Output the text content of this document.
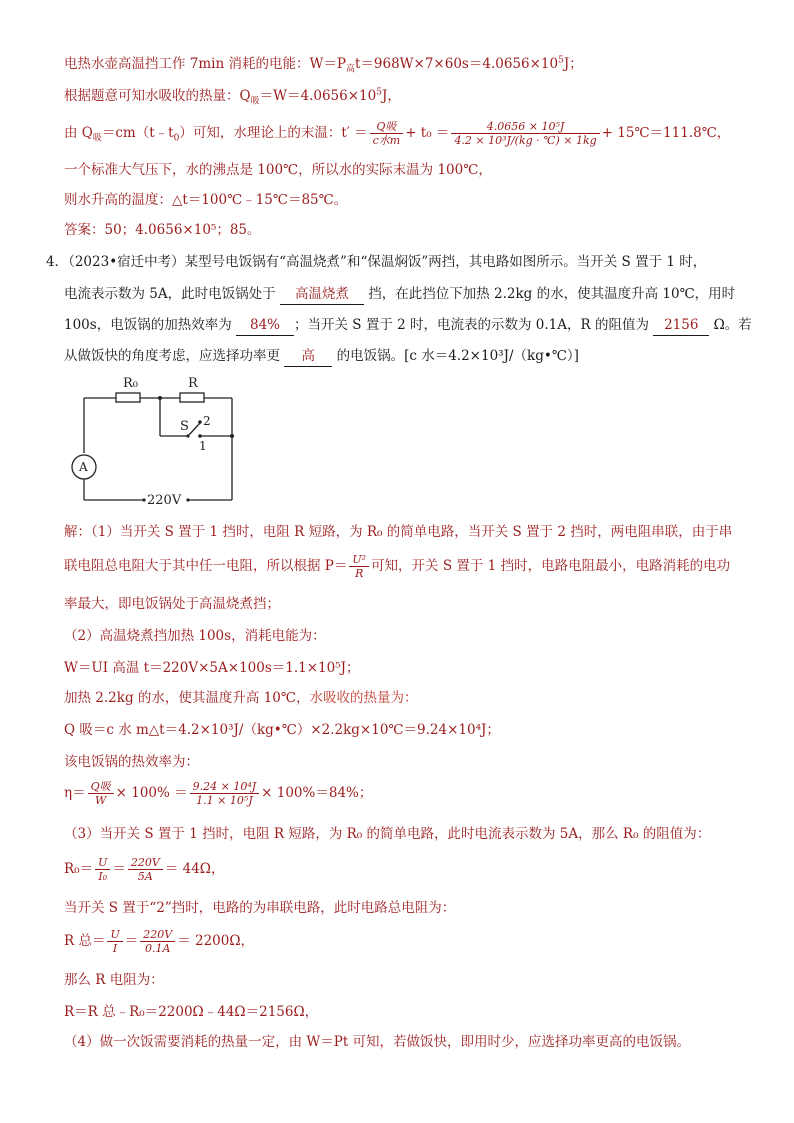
电热水壶高温挡工作 7min 消耗的电能：$W=P_高t=968W\times 7\times 60s=4.0656\times 10^5J$；
根据题意可知水吸收的热量：$Q_吸=W=4.0656\times 10^5J$，
由 $Q_吸=cm(t﹣t_0)$可知，水理论上的末温：$t' = \frac{\text{Q吸}}{\text{c水m}} + t_0 = \frac{\text{4.0656 × 10⁵J}}{\text{4.2 × 10³J/(kg · ℃) × 1kg}}$ + 15℃＝111.8℃，
一个标准大气压下，水的沸点是 100℃，所以水的实际末温为 100℃，
则水升高的温度：△t＝100℃﹣15℃＝85℃。
答案：50；4.0656×10⁵；85。
4．（2023•宿迁中考）某型号电饭锅有“高温烧煮”和“保温焖饭”两挡，其电路如图所示。当开关 S 置于 1 时，
电流表示数为 5A，此时电饭锅处于 高温烧煮 挡，在此挡位下加热 2.2kg 的水，使其温度升高 10℃，用时
100s，电饭锅的加热效率为 84% ；当开关 S 置于 2 时，电流表的示数为 0.1A，R 的阻值为 2156 Ω。若
从做饭快的角度考虑，应选择功率更 高 的电饭锅。[c 水＝4.2×10³J/（kg•℃）]
R₀	R
S 2
1
A
220V
解：（1）当开关 S 置于 1 挡时，电阻 R 短路，为 R₀ 的简单电路，当开关 S 置于 2 挡时，两电阻串联，由于串
联电阻总电阻大于其中任一电阻，所以根据 $P= \frac{\text{U²}}{R}$ 可知，开关 S 置于 1 挡时，电路电阻最小，电路消耗的电功
率最大，即电饭锅处于高温烧煮挡；
（2）高温烧煮挡加热 100s，消耗电能为：
W＝UI 高温 t＝220V×5A×100s＝1.1×10⁵J；
加热 2.2kg 的水，使其温度升高 10℃，水吸收的热量为：
Q 吸＝c 水 m△t＝4.2×10³J/（kg•℃）×2.2kg×10℃＝9.24×10⁴J；
该电饭锅的热效率为：
$\eta= \frac{\text{Q吸}}{W} \times 100\% = \frac{\text{9.24 × 10⁴J}}{\text{1.1 × 10⁵J}} \times 100\%=84\%$；
（3）当开关 S 置于 1 挡时，电阻 R 短路，为 R₀ 的简单电路，此时电流表示数为 5A，那么 R₀ 的阻值为：
$R_0= \frac{U}{\text{I₀}} = \frac{220V}{5A} = 44\Omega$，
当开关 S 置于“2”挡时，电路的为串联电路，此时电路总电阻为：
R 总＝ $\frac{U}{I} = \frac{220V}{0.1A} = 2200\Omega$，
那么 R 电阻为：
R＝R 总﹣R₀＝2200Ω﹣44Ω＝2156Ω，
（4）做一次饭需要消耗的热量一定，由 W＝Pt 可知，若做饭快，即用时少，应选择功率更高的电饭锅。
